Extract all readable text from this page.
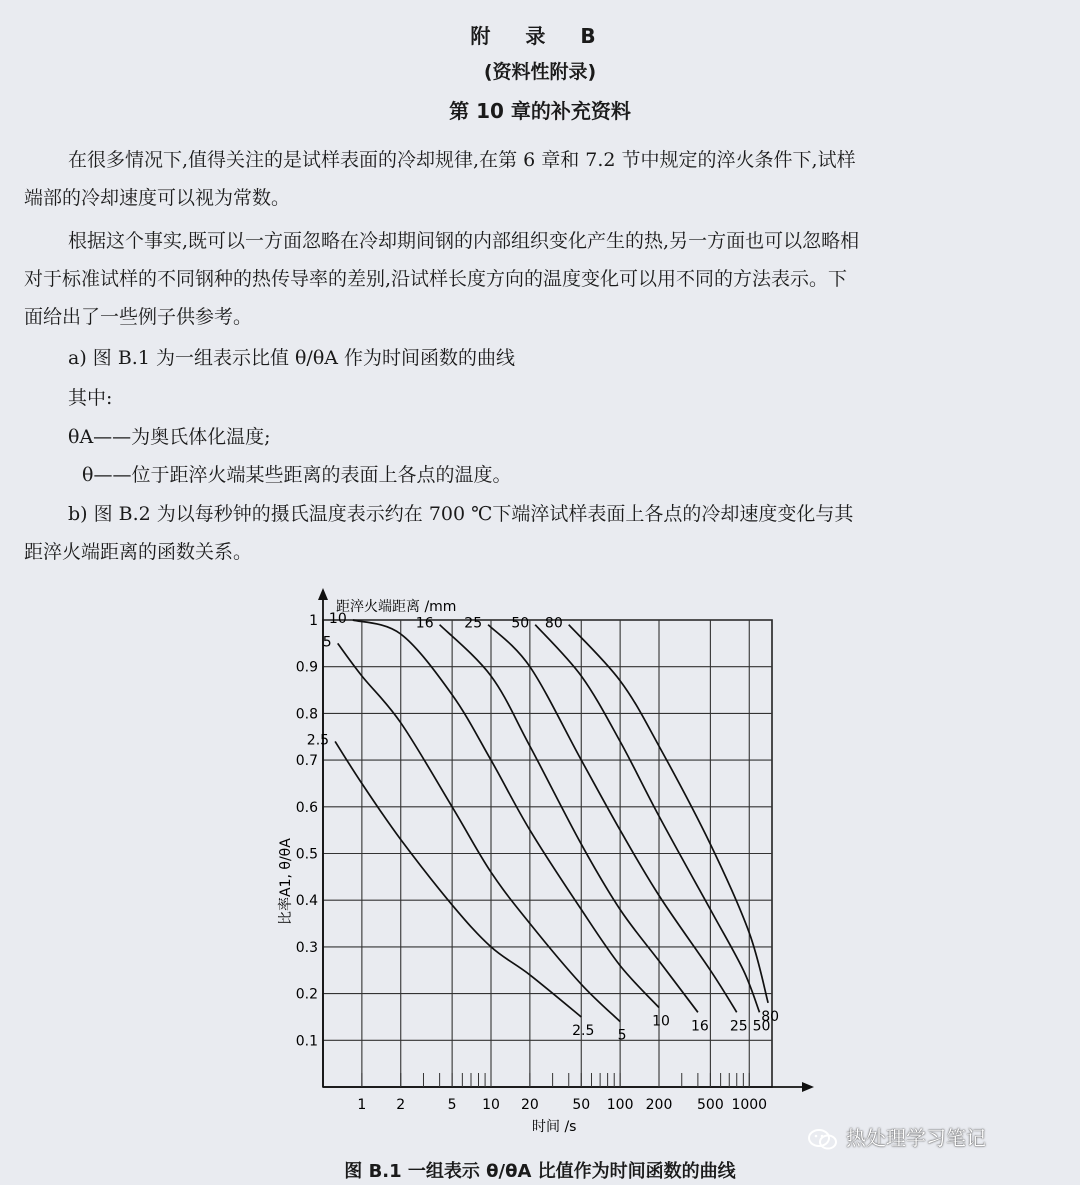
附 录 B
(资料性附录)
第 10 章的补充资料
在很多情况下,值得关注的是试样表面的冷却规律,在第 6 章和 7.2 节中规定的淬火条件下,试样
端部的冷却速度可以视为常数。
根据这个事实,既可以一方面忽略在冷却期间钢的内部组织变化产生的热,另一方面也可以忽略相
对于标准试样的不同钢种的热传导率的差别,沿试样长度方向的温度变化可以用不同的方法表示。下
面给出了一些例子供参考。
a) 图 B.1 为一组表示比值 θ/θA 作为时间函数的曲线
其中:
θA——为奥氏体化温度;
θ——位于距淬火端某些距离的表面上各点的温度。
b) 图 B.2 为以每秒钟的摄氏温度表示约在 700 ℃下端淬试样表面上各点的冷却速度变化与其
距淬火端距离的函数关系。
0.1
0.2
0.3
0.4
0.5
0.6
0.7
0.8
0.9
1
1 2	5 10 20 50 100 200 500 1000
2.5
2.5
5
5
10
10
16
16
25
25
50
50
80
80
距淬火端距离 /mm
时间 /s
比率A1, θ/θA
图 B.1 一组表示 θ/θA 比值作为时间函数的曲线
热处理学习笔记
